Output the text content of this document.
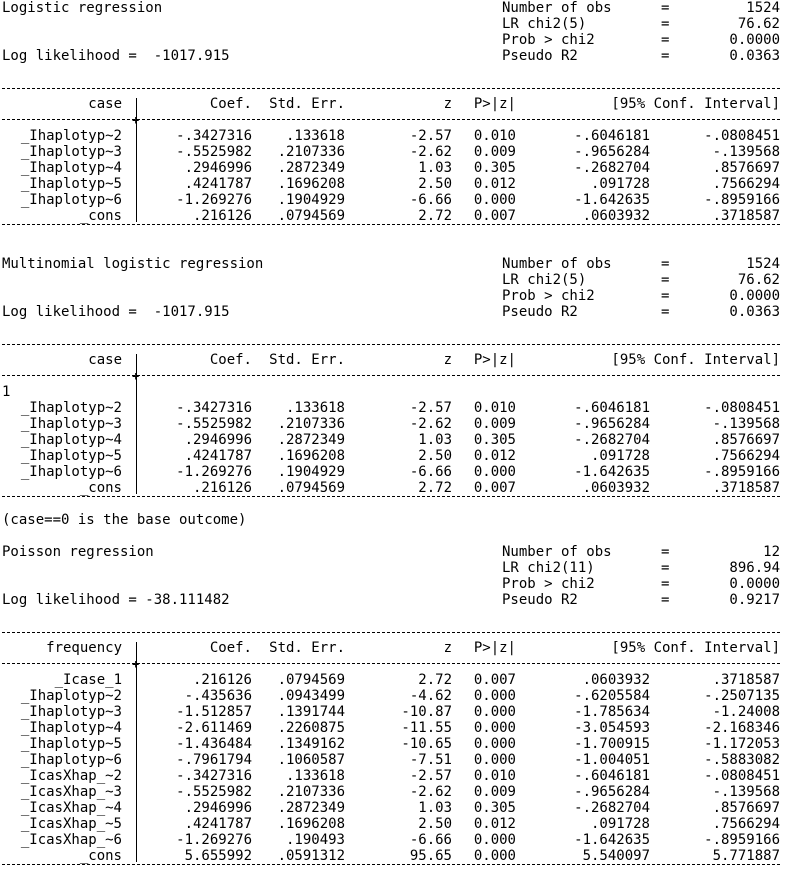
Logistic regression
Log likelihood =  -1017.915
Number of obs	=	1524
LR chi2(5)	=	76.62
Prob > chi2	=	0.0000
Pseudo R2	=	0.0363
case	Coef.	Std. Err.	z	P>|z|	[95% Conf. Interval]
+
_Ihaplotyp~2	-.3427316	.133618	-2.57	0.010	-.6046181	-.0808451
_Ihaplotyp~3	-.5525982	.2107336	-2.62	0.009	-.9656284	-.139568
_Ihaplotyp~4	.2946996	.2872349	1.03	0.305	-.2682704	.8576697
_Ihaplotyp~5	.4241787	.1696208	2.50	0.012	.091728	.7566294
_Ihaplotyp~6	-1.269276	.1904929	-6.66	0.000	-1.642635	-.8959166
_cons	.216126	.0794569	2.72	0.007	.0603932	.3718587
Multinomial logistic regression
Log likelihood =  -1017.915
Number of obs	=	1524
LR chi2(5)	=	76.62
Prob > chi2	=	0.0000
Pseudo R2	=	0.0363
case	Coef.	Std. Err.	z	P>|z|	[95% Conf. Interval]
+
1
_Ihaplotyp~2	-.3427316	.133618	-2.57	0.010	-.6046181	-.0808451
_Ihaplotyp~3	-.5525982	.2107336	-2.62	0.009	-.9656284	-.139568
_Ihaplotyp~4	.2946996	.2872349	1.03	0.305	-.2682704	.8576697
_Ihaplotyp~5	.4241787	.1696208	2.50	0.012	.091728	.7566294
_Ihaplotyp~6	-1.269276	.1904929	-6.66	0.000	-1.642635	-.8959166
_cons	.216126	.0794569	2.72	0.007	.0603932	.3718587
(case==0 is the base outcome)
Poisson regression
Log likelihood = -38.111482
Number of obs	=	12
LR chi2(11)	=	896.94
Prob > chi2	=	0.0000
Pseudo R2	=	0.9217
frequency	Coef.	Std. Err.	z	P>|z|	[95% Conf. Interval]
+
_Icase_1	.216126	.0794569	2.72	0.007	.0603932	.3718587
_Ihaplotyp~2	-.435636	.0943499	-4.62	0.000	-.6205584	-.2507135
_Ihaplotyp~3	-1.512857	.1391744	-10.87	0.000	-1.785634	-1.24008
_Ihaplotyp~4	-2.611469	.2260875	-11.55	0.000	-3.054593	-2.168346
_Ihaplotyp~5	-1.436484	.1349162	-10.65	0.000	-1.700915	-1.172053
_Ihaplotyp~6	-.7961794	.1060587	-7.51	0.000	-1.004051	-.5883082
_IcasXhap_~2	-.3427316	.133618	-2.57	0.010	-.6046181	-.0808451
_IcasXhap_~3	-.5525982	.2107336	-2.62	0.009	-.9656284	-.139568
_IcasXhap_~4	.2946996	.2872349	1.03	0.305	-.2682704	.8576697
_IcasXhap_~5	.4241787	.1696208	2.50	0.012	.091728	.7566294
_IcasXhap_~6	-1.269276	.190493	-6.66	0.000	-1.642635	-.8959166
_cons	5.655992	.0591312	95.65	0.000	5.540097	5.771887
